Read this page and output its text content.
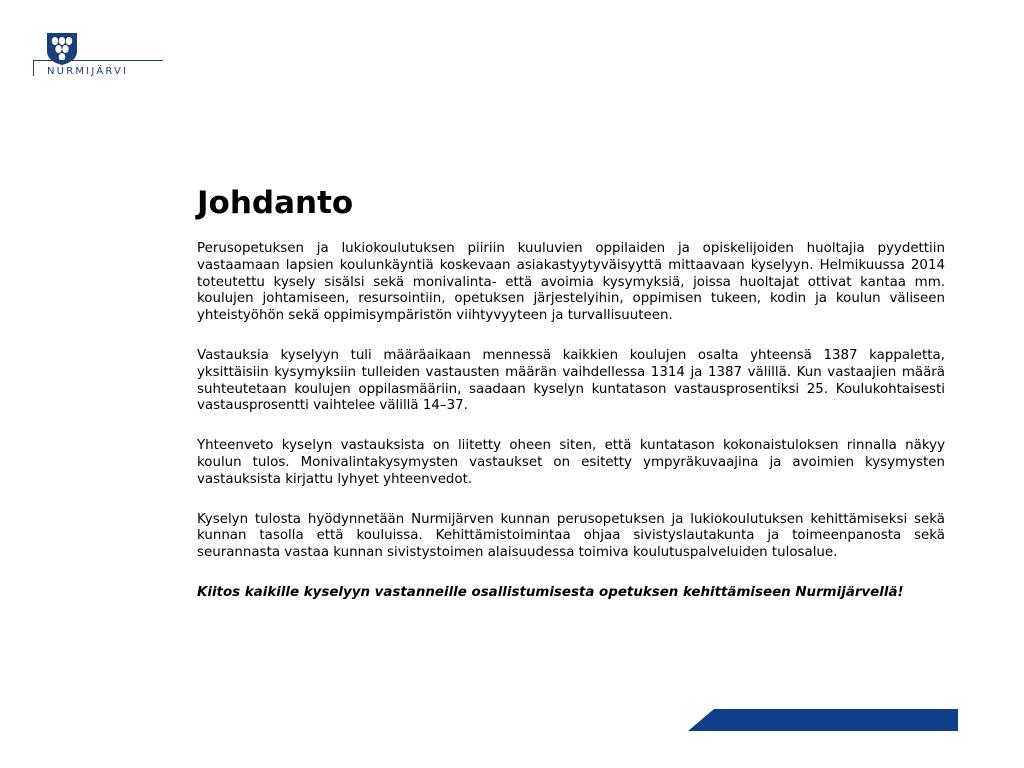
NURMIJÄRVI
Johdanto

Perusopetuksen ja lukiokoulutuksen piiriin kuuluvien oppilaiden ja opiskelijoiden huoltajia pyydettiin vastaamaan lapsien koulunkäyntiä koskevaan asiakastyytyväisyyttä mittaavaan kyselyyn. Helmikuussa 2014 toteutettu kysely sisälsi sekä monivalinta- että avoimia kysymyksiä, joissa huoltajat ottivat kantaa mm. koulujen johtamiseen, resursointiin, opetuksen järjestelyihin, oppimisen tukeen, kodin ja koulun väliseen yhteistyöhön sekä oppimisympäristön viihtyvyyteen ja turvallisuuteen.

Vastauksia kyselyyn tuli määräaikaan mennessä kaikkien koulujen osalta yhteensä 1387 kappaletta, yksittäisiin kysymyksiin tulleiden vastausten määrän vaihdellessa 1314 ja 1387 välillä. Kun vastaajien määrä suhteutetaan koulujen oppilasmääriin, saadaan kyselyn kuntatason vastausprosentiksi 25. Koulukohtaisesti vastausprosentti vaihtelee välillä 14–37.

Yhteenveto kyselyn vastauksista on liitetty oheen siten, että kuntatason kokonaistuloksen rinnalla näkyy koulun tulos. Monivalintakysymysten vastaukset on esitetty ympyräkuvaajina ja avoimien kysymysten vastauksista kirjattu lyhyet yhteenvedot.

Kyselyn tulosta hyödynnetään Nurmijärven kunnan perusopetuksen ja lukiokoulutuksen kehittämiseksi sekä kunnan tasolla että kouluissa. Kehittämistoimintaa ohjaa sivistyslautakunta ja toimeenpanosta sekä seurannasta vastaa kunnan sivistystoimen alaisuudessa toimiva koulutuspalveluiden tulosalue.

Kiitos kaikille kyselyyn vastanneille osallistumisesta opetuksen kehittämiseen Nurmijärvellä!
